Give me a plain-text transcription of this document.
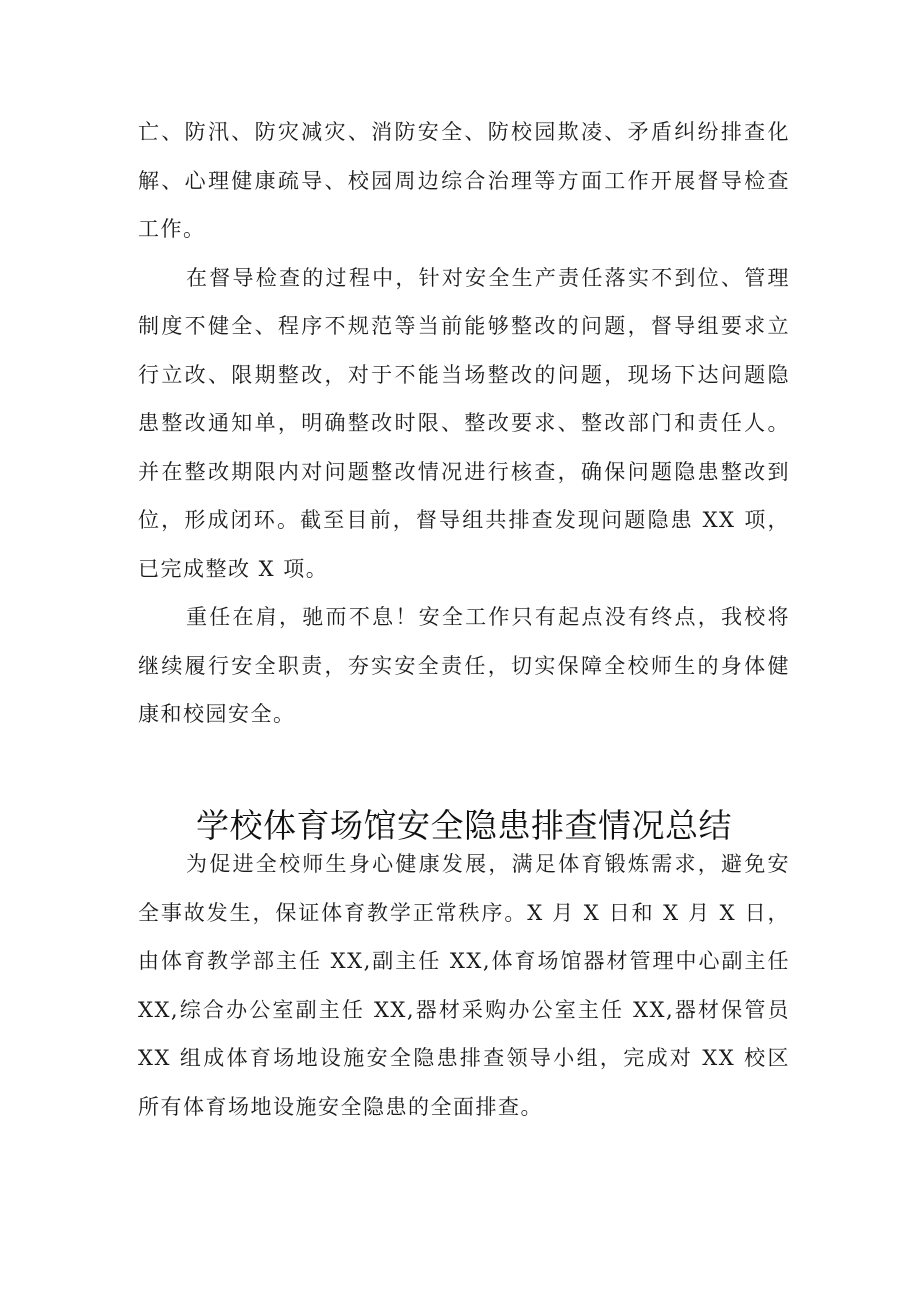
亡、防汛、防灾减灾、消防安全、防校园欺凌、矛盾纠纷排查化解、心理健康疏导、校园周边综合治理等方面工作开展督导检查工作。

在督导检查的过程中，针对安全生产责任落实不到位、管理制度不健全、程序不规范等当前能够整改的问题，督导组要求立行立改、限期整改，对于不能当场整改的问题，现场下达问题隐患整改通知单，明确整改时限、整改要求、整改部门和责任人。并在整改期限内对问题整改情况进行核查，确保问题隐患整改到位，形成闭环。截至目前，督导组共排查发现问题隐患 XX 项，已完成整改 X 项。

重任在肩，驰而不息！安全工作只有起点没有终点，我校将继续履行安全职责，夯实安全责任，切实保障全校师生的身体健康和校园安全。

学校体育场馆安全隐患排查情况总结

为促进全校师生身心健康发展，满足体育锻炼需求，避免安全事故发生，保证体育教学正常秩序。X 月 X 日和 X 月 X 日，由体育教学部主任 XX,副主任 XX,体育场馆器材管理中心副主任 XX,综合办公室副主任 XX,器材采购办公室主任 XX,器材保管员 XX 组成体育场地设施安全隐患排查领导小组，完成对 XX 校区所有体育场地设施安全隐患的全面排查。
